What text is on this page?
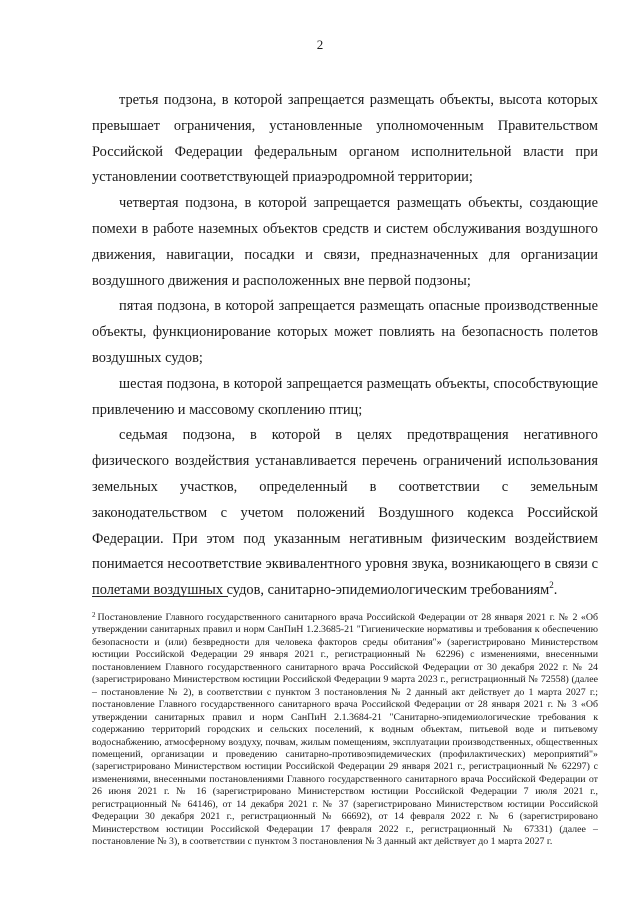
2

третья подзона, в которой запрещается размещать объекты, высота которых превышает ограничения, установленные уполномоченным Правительством Российской Федерации федеральным органом исполнительной власти при установлении соответствующей приаэродромной территории;

четвертая подзона, в которой запрещается размещать объекты, создающие помехи в работе наземных объектов средств и систем обслуживания воздушного движения, навигации, посадки и связи, предназначенных для организации воздушного движения и расположенных вне первой подзоны;

пятая подзона, в которой запрещается размещать опасные производственные объекты, функционирование которых может повлиять на безопасность полетов воздушных судов;

шестая подзона, в которой запрещается размещать объекты, способствующие привлечению и массовому скоплению птиц;

седьмая подзона, в которой в целях предотвращения негативного физического воздействия устанавливается перечень ограничений использования земельных участков, определенный в соответствии с земельным законодательством с учетом положений Воздушного кодекса Российской Федерации. При этом под указанным негативным физическим воздействием понимается несоответствие эквивалентного уровня звука, возникающего в связи с полетами воздушных судов, санитарно-эпидемиологическим требованиям$^2$.

$^2$ Постановление Главного государственного санитарного врача Российской Федерации от 28 января 2021 г. № 2 «Об утверждении санитарных правил и норм СанПиН 1.2.3685-21 "Гигиенические нормативы и требования к обеспечению безопасности и (или) безвредности для человека факторов среды обитания"» (зарегистрировано Министерством юстиции Российской Федерации 29 января 2021 г., регистрационный № 62296) с изменениями, внесенными постановлением Главного государственного санитарного врача Российской Федерации от 30 декабря 2022 г. № 24 (зарегистрировано Министерством юстиции Российской Федерации 9 марта 2023 г., регистрационный № 72558) (далее – постановление № 2), в соответствии с пунктом 3 постановления № 2 данный акт действует до 1 марта 2027 г.; постановление Главного государственного санитарного врача Российской Федерации от 28 января 2021 г. № 3 «Об утверждении санитарных правил и норм СанПиН 2.1.3684-21 "Санитарно-эпидемиологические требования к содержанию территорий городских и сельских поселений, к водным объектам, питьевой воде и питьевому водоснабжению, атмосферному воздуху, почвам, жилым помещениям, эксплуатации производственных, общественных помещений, организации и проведению санитарно-противоэпидемических (профилактических) мероприятий"» (зарегистрировано Министерством юстиции Российской Федерации 29 января 2021 г., регистрационный № 62297) с изменениями, внесенными постановлениями Главного государственного санитарного врача Российской Федерации от 26 июня 2021 г. № 16 (зарегистрировано Министерством юстиции Российской Федерации 7 июля 2021 г., регистрационный № 64146), от 14 декабря 2021 г. № 37 (зарегистрировано Министерством юстиции Российской Федерации 30 декабря 2021 г., регистрационный № 66692), от 14 февраля 2022 г. № 6 (зарегистрировано Министерством юстиции Российской Федерации 17 февраля 2022 г., регистрационный № 67331) (далее – постановление № 3), в соответствии с пунктом 3 постановления № 3 данный акт действует до 1 марта 2027 г.
